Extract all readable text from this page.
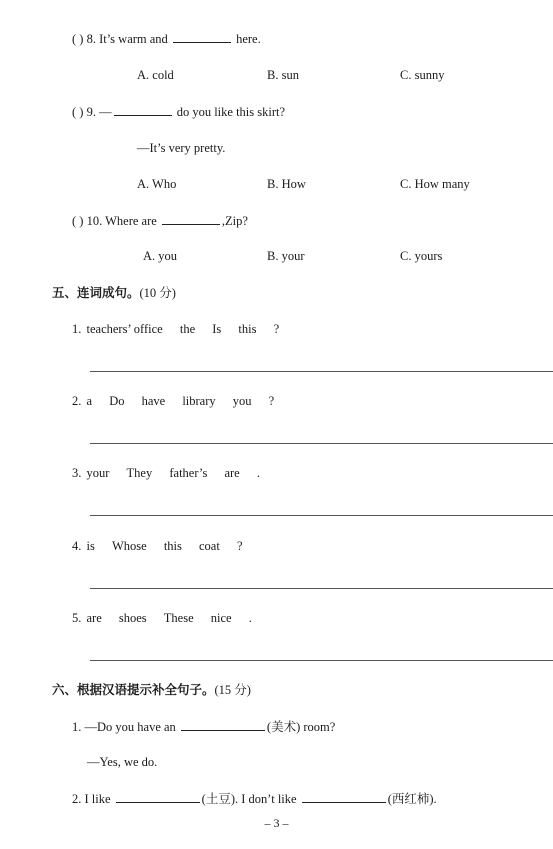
( ) 8. It’s warm and	here.
A. cold	B. sun	C. sunny
( ) 9. —	do you like this skirt?
—It’s very pretty.
A. Who	B. How	C. How many
( ) 10. Where are	,Zip?
A. you	B. your	C. yours
五、连词成句。(10 分)
1. teachers’ office the Is this ?
2. a Do have library you ?
3. your They father’s are .
4. is Whose this coat ?
5. are shoes These nice .
六、根据汉语提示补全句子。(15 分)
1. —Do you have an	(美术) room?
—Yes, we do.
2. I like	(土豆). I don’t like	(西红柿).
– 3 –
